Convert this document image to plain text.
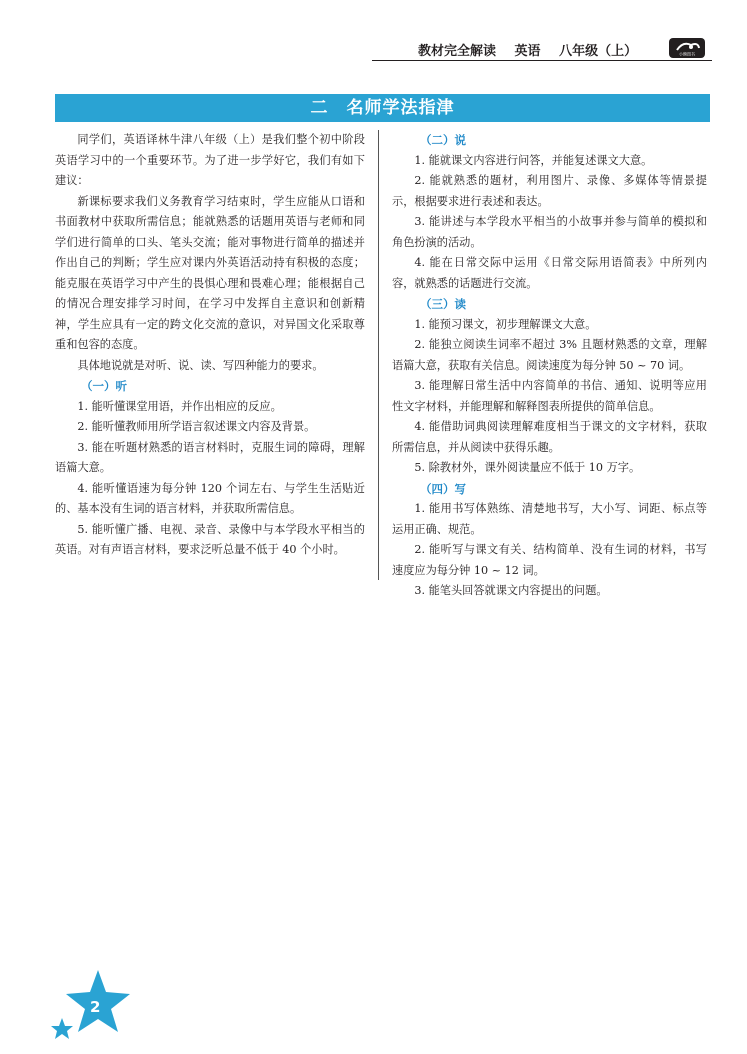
教材完全解读 英语 八年级（上）	小熊图书
二　名师学法指津

同学们，英语译林牛津八年级（上）是我们整个初中阶段英语学习中的一个重要环节。为了进一步学好它，我们有如下建议：

新课标要求我们义务教育学习结束时，学生应能从口语和书面教材中获取所需信息；能就熟悉的话题用英语与老师和同学们进行简单的口头、笔头交流；能对事物进行简单的描述并作出自己的判断；学生应对课内外英语活动持有积极的态度；能克服在英语学习中产生的畏惧心理和畏难心理；能根据自己的情况合理安排学习时间，在学习中发挥自主意识和创新精神，学生应具有一定的跨文化交流的意识，对异国文化采取尊重和包容的态度。

具体地说就是对听、说、读、写四种能力的要求。

（一）听

1. 能听懂课堂用语，并作出相应的反应。

2. 能听懂教师用所学语言叙述课文内容及背景。

3. 能在听题材熟悉的语言材料时，克服生词的障碍，理解语篇大意。

4. 能听懂语速为每分钟 120 个词左右、与学生生活贴近的、基本没有生词的语言材料，并获取所需信息。

5. 能听懂广播、电视、录音、录像中与本学段水平相当的英语。对有声语言材料，要求泛听总量不低于 40 个小时。

（二）说

1. 能就课文内容进行问答，并能复述课文大意。

2. 能就熟悉的题材，利用图片、录像、多媒体等情景提示，根据要求进行表述和表达。

3. 能讲述与本学段水平相当的小故事并参与简单的模拟和角色扮演的活动。

4. 能在日常交际中运用《日常交际用语简表》中所列内容，就熟悉的话题进行交流。

（三）读

1. 能预习课文，初步理解课文大意。

2. 能独立阅读生词率不超过 3% 且题材熟悉的文章，理解语篇大意，获取有关信息。阅读速度为每分钟 50 ~ 70 词。

3. 能理解日常生活中内容简单的书信、通知、说明等应用性文字材料，并能理解和解释图表所提供的简单信息。

4. 能借助词典阅读理解难度相当于课文的文字材料，获取所需信息，并从阅读中获得乐趣。

5. 除教材外，课外阅读量应不低于 10 万字。

（四）写

1. 能用书写体熟练、清楚地书写，大小写、词距、标点等运用正确、规范。

2. 能听写与课文有关、结构简单、没有生词的材料，书写速度应为每分钟 10 ~ 12 词。

3. 能笔头回答就课文内容提出的问题。

2
